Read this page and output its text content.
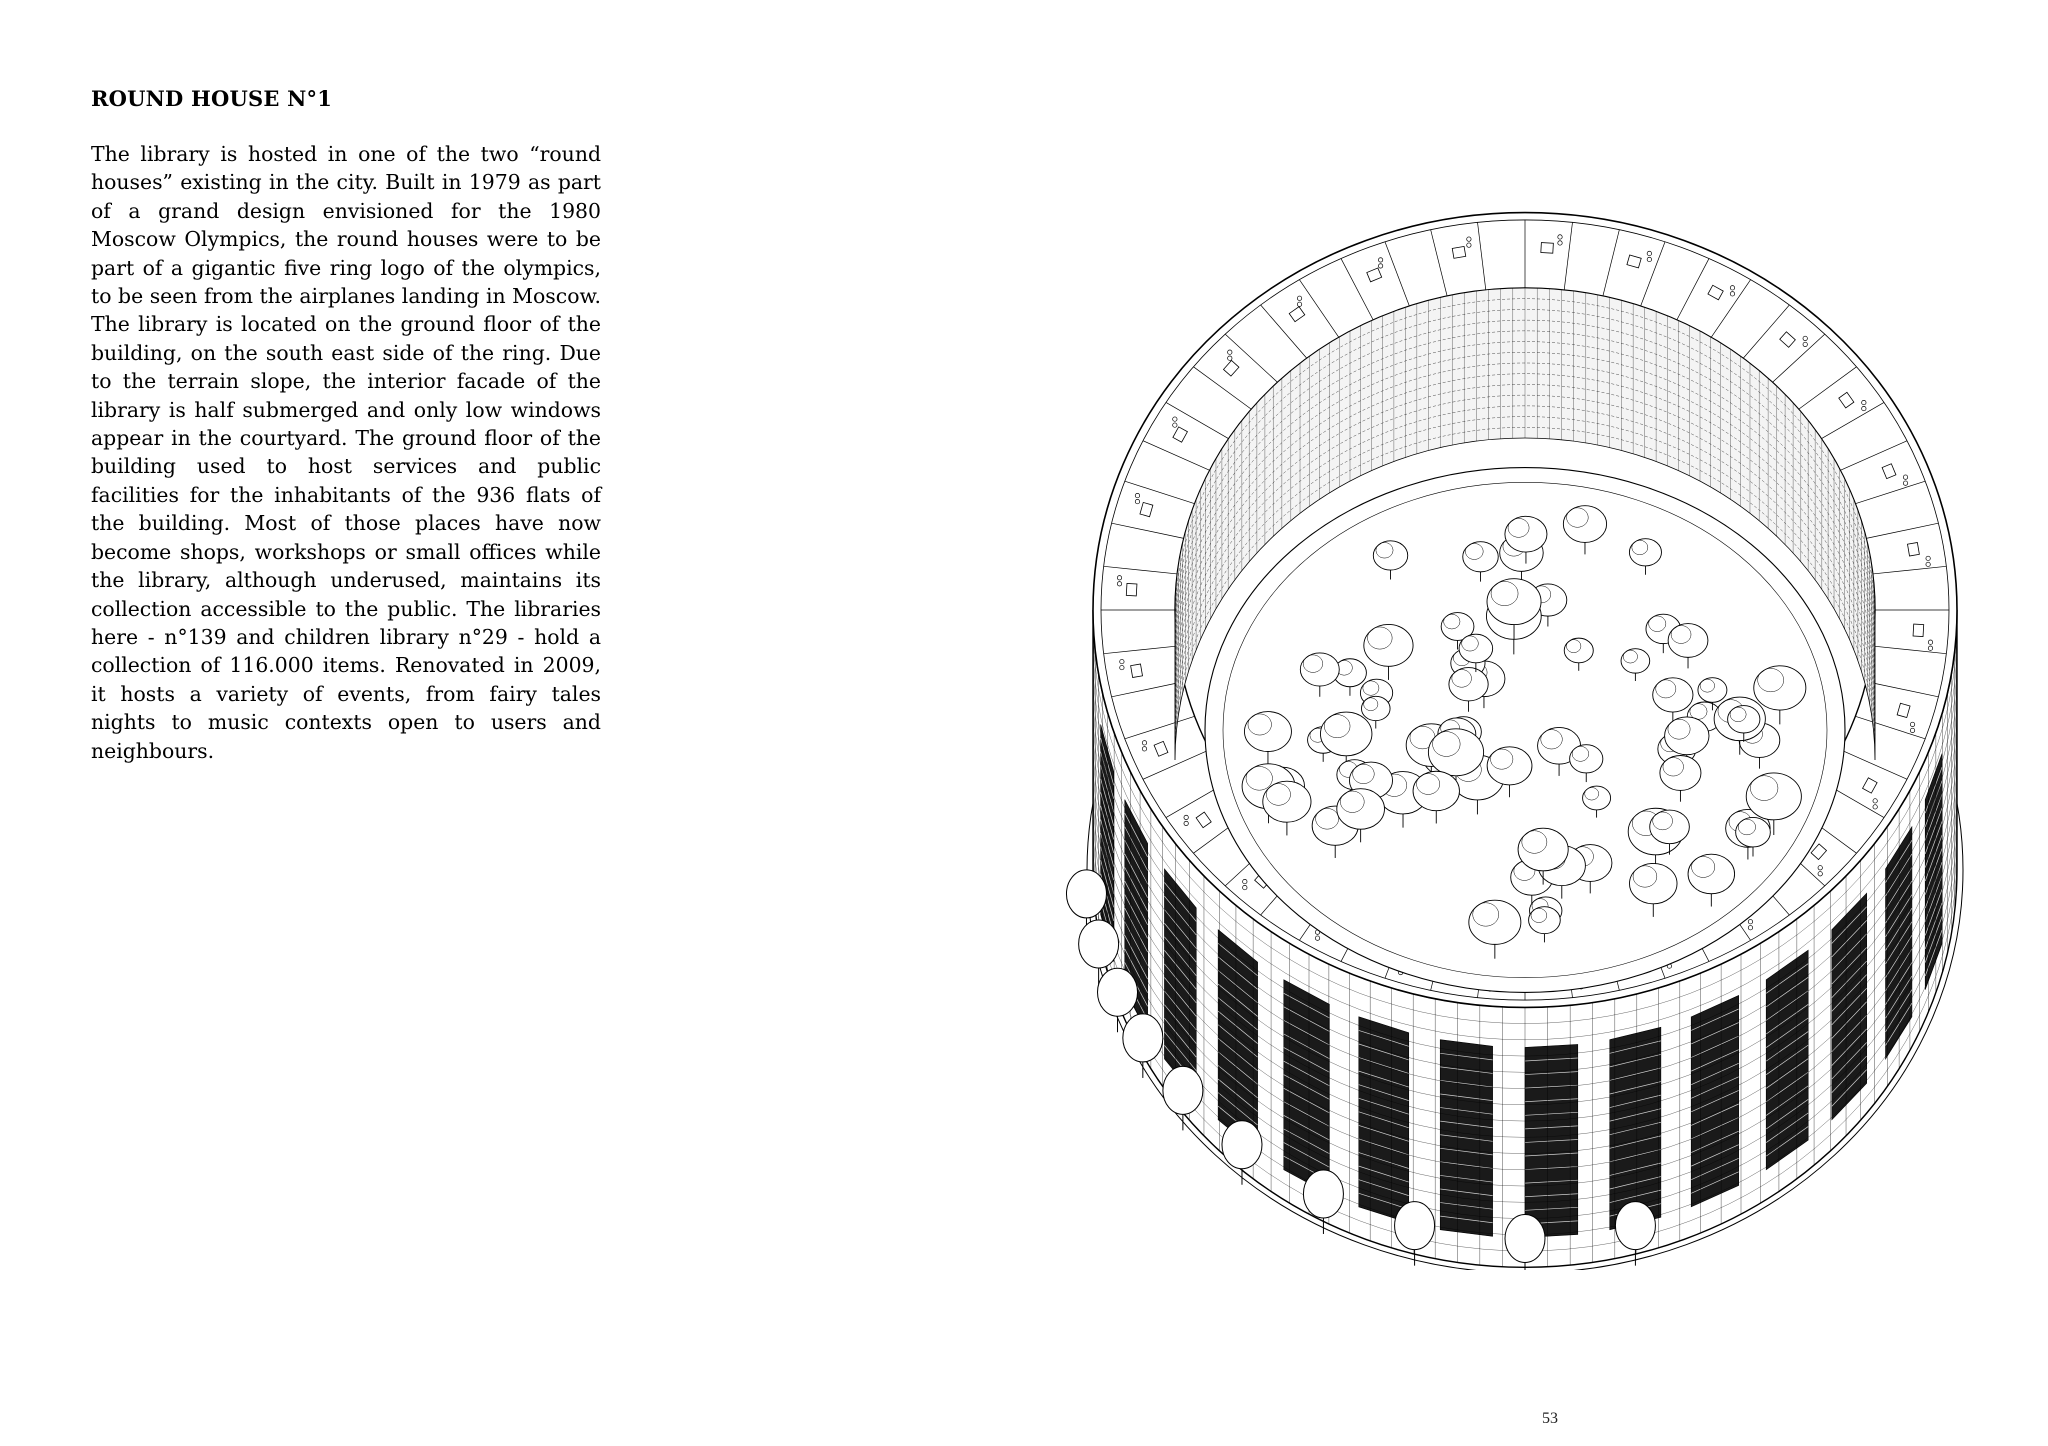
ROUND HOUSE N°1
The library is hosted in one of the two “round houses” existing in the city. Built in 1979 as part of a grand design envisioned for the 1980 Moscow Olympics, the round houses were to be part of a gigantic five ring logo of the olympics, to be seen from the airplanes landing in Moscow. The library is located on the ground floor of the building, on the south east side of the ring. Due to the terrain slope, the interior facade of the library is half submerged and only low windows appear in the courtyard. The ground floor of the building used to host services and public facilities for the inhabitants of the 936 flats of the building. Most of those places have now become shops, workshops or small offices while the library, although underused, maintains its collection accessible to the public. The libraries here - n°139 and children library n°29 - hold a collection of 116.000 items. Renovated in 2009, it hosts a variety of events, from fairy tales nights to music contexts open to users and neighbours.
53
